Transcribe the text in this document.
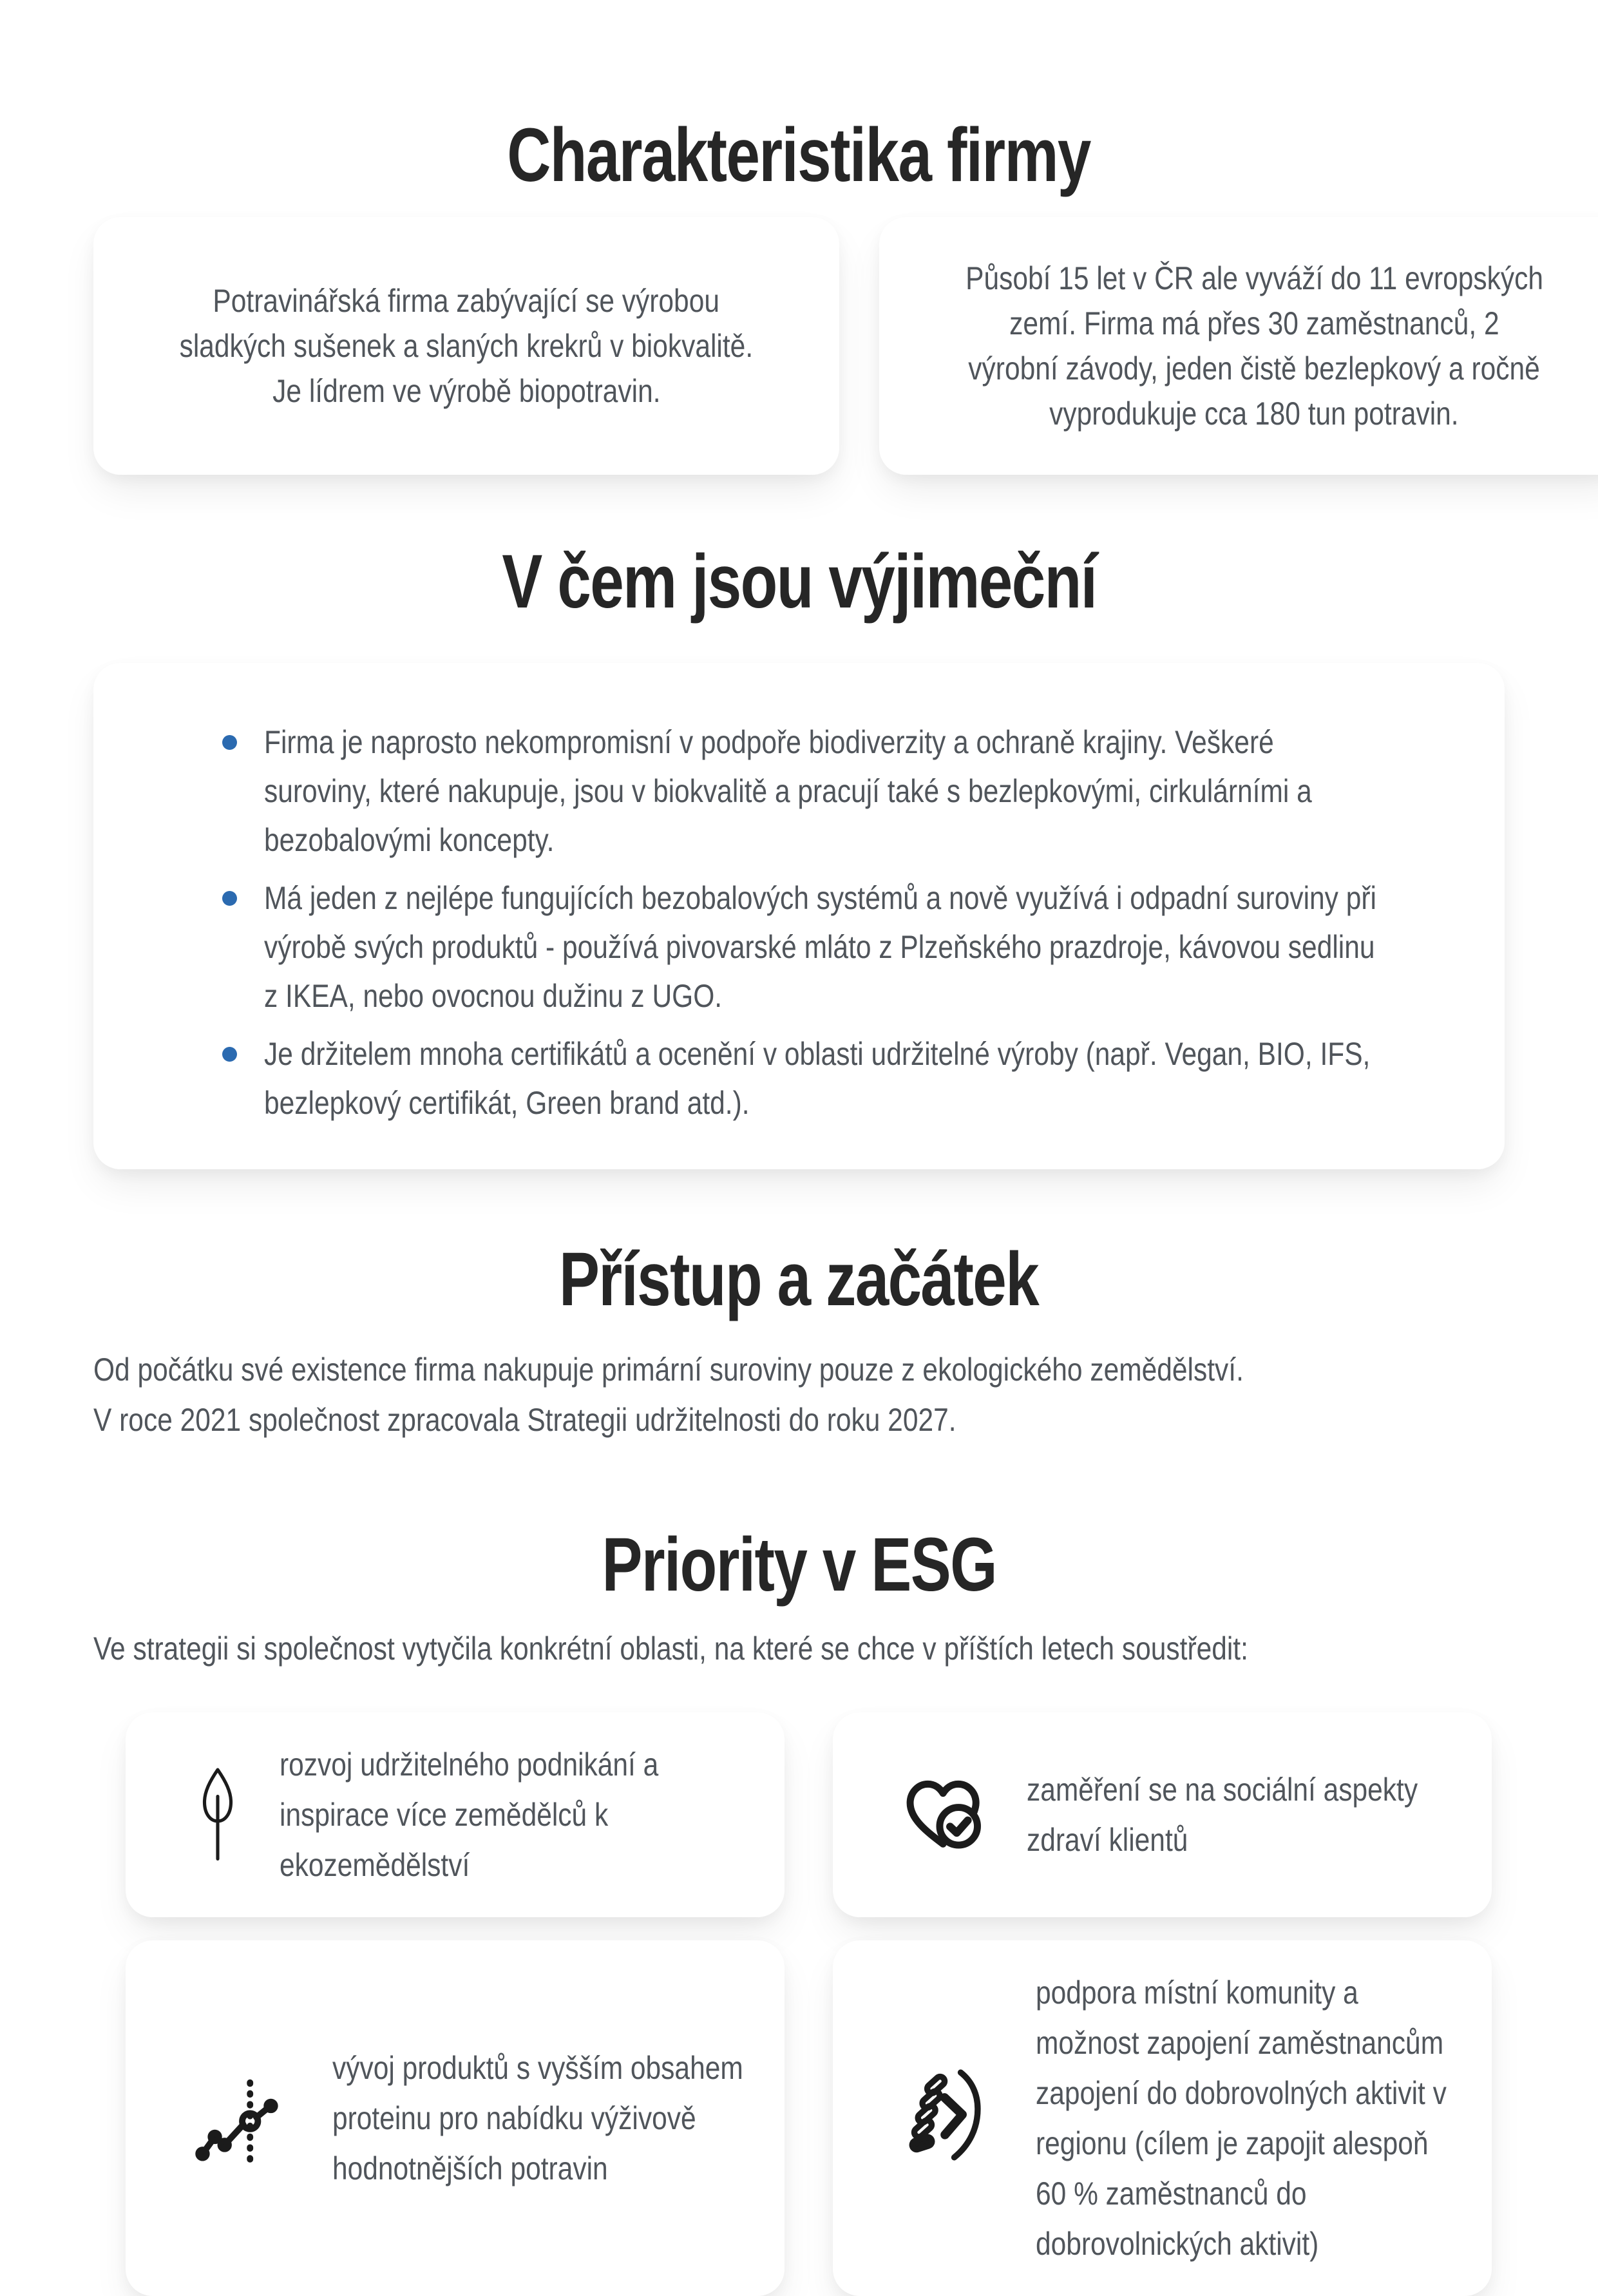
Charakteristika firmy
Potravinářská firma zabývající se výrobou
sladkých sušenek a slaných krekrů v biokvalitě.
Je lídrem ve výrobě biopotravin.
Působí 15 let v ČR ale vyváží do 11 evropských
zemí. Firma má přes 30 zaměstnanců, 2
výrobní závody, jeden čistě bezlepkový a ročně
vyprodukuje cca 180 tun potravin.
V čem jsou výjimeční
Firma je naprosto nekompromisní v podpoře biodiverzity a ochraně krajiny. Veškeré suroviny, které nakupuje, jsou v biokvalitě a pracují také s bezlepkovými, cirkulárními a bezobalovými koncepty.
Má jeden z nejlépe fungujících bezobalových systémů a nově využívá i odpadní suroviny při výrobě svých produktů - používá pivovarské mláto z Plzeňského prazdroje, kávovou sedlinu z IKEA, nebo ovocnou dužinu z UGO.
Je držitelem mnoha certifikátů a ocenění v oblasti udržitelné výroby (např. Vegan, BIO, IFS, bezlepkový certifikát, Green brand atd.).
Přístup a začátek
Od počátku své existence firma nakupuje primární suroviny pouze z ekologického zemědělství.
V roce 2021 společnost zpracovala Strategii udržitelnosti do roku 2027.
Priority v ESG
Ve strategii si společnost vytyčila konkrétní oblasti, na které se chce v příštích letech soustředit:
rozvoj udržitelného podnikání a inspirace více zemědělců k ekozemědělství
zaměření se na sociální aspekty zdraví klientů
vývoj produktů s vyšším obsahem proteinu pro nabídku výživově hodnotnějších potravin
podpora místní komunity a možnost zapojení zaměstnancům zapojení do dobrovolných aktivit v regionu (cílem je zapojit alespoň 60 % zaměstnanců do dobrovolnických aktivit)
